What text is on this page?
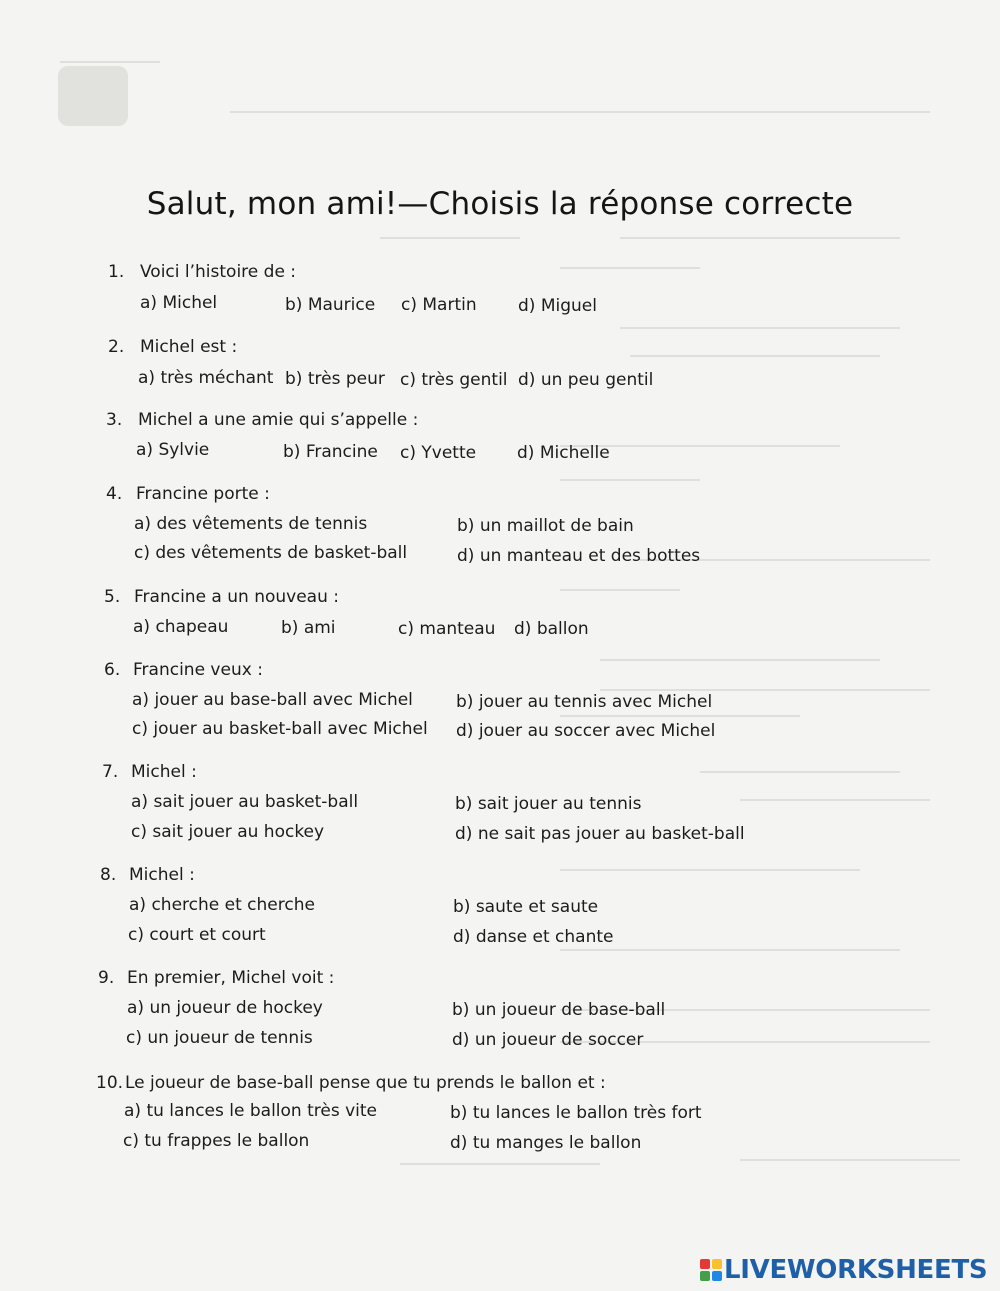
Salut, mon ami!—Choisis la réponse correcte
1. Voici l’histoire de :
a) Michel	b) Maurice c) Martin d) Miguel
2. Michel est :
a) très méchant b) très peur c) très gentil d) un peu gentil
3. Michel a une amie qui s’appelle :
a) Sylvie	b) Francine c) Yvette d) Michelle
4. Francine porte :
a) des vêtements de tennis	b) un maillot de bain
c) des vêtements de basket-ball	d) un manteau et des bottes
5. Francine a un nouveau :
a) chapeau	b) ami	c) manteau d) ballon
6. Francine veux :
a) jouer au base-ball avec Michel	b) jouer au tennis avec Michel
c) jouer au basket-ball avec Michel d) jouer au soccer avec Michel
7. Michel :
a) sait jouer au basket-ball	b) sait jouer au tennis
c) sait jouer au hockey	d) ne sait pas jouer au basket-ball
8. Michel :
a) cherche et cherche	b) saute et saute
c) court et court	d) danse et chante
9. En premier, Michel voit :
a) un joueur de hockey	b) un joueur de base-ball
c) un joueur de tennis	d) un joueur de soccer
10. Le joueur de base-ball pense que tu prends le ballon et :
a) tu lances le ballon très vite	b) tu lances le ballon très fort
c) tu frappes le ballon	d) tu manges le ballon
LIVEWORKSHEETS
